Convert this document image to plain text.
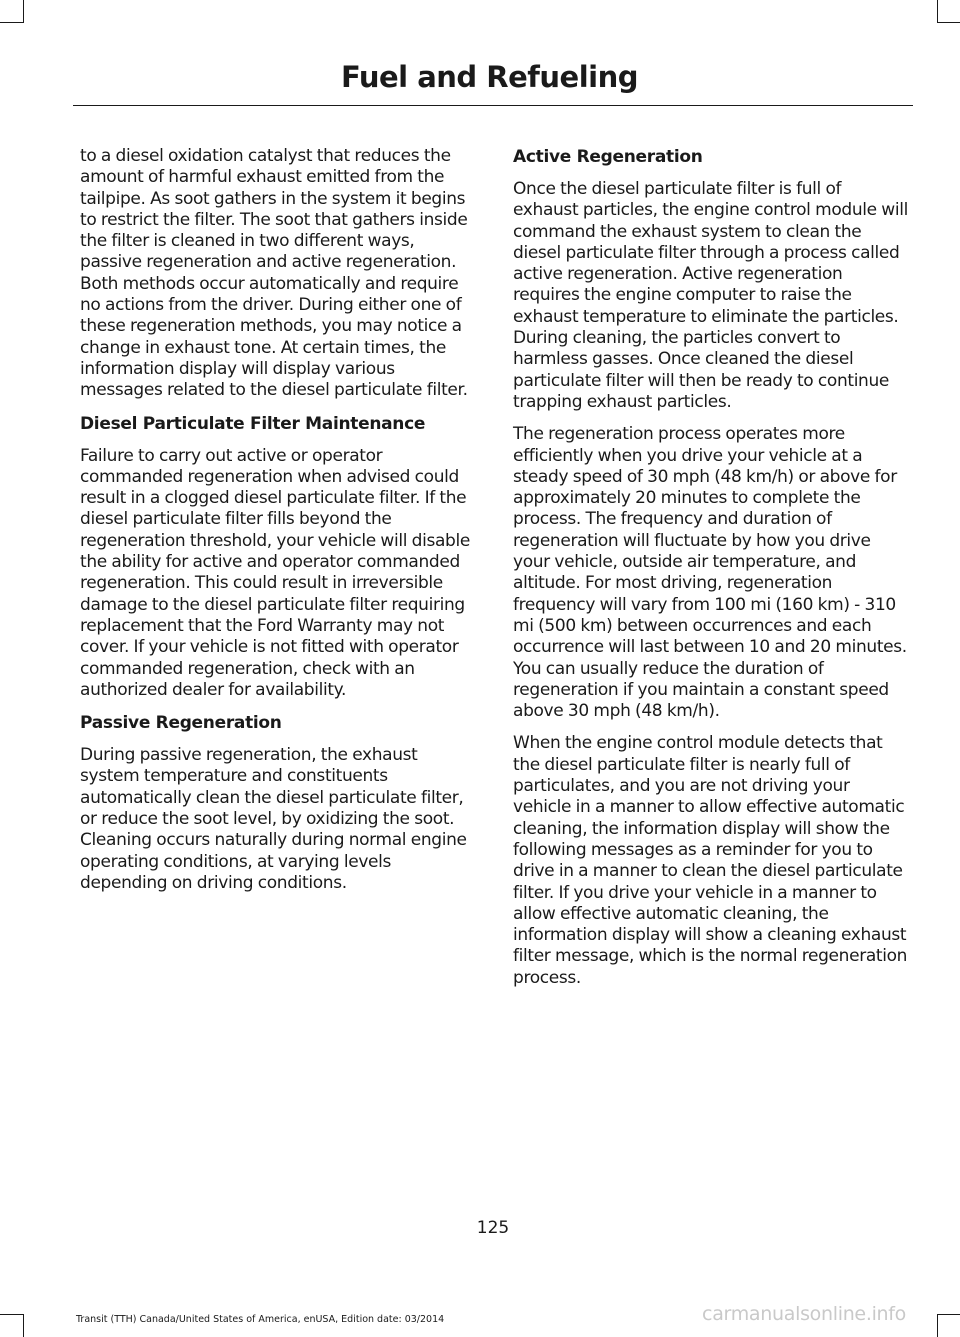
Fuel and Refueling

to a diesel oxidation catalyst that reduces the amount of harmful exhaust emitted from the tailpipe. As soot gathers in the system it begins to restrict the filter. The soot that gathers inside the filter is cleaned in two different ways, passive regeneration and active regeneration. Both methods occur automatically and require no actions from the driver. During either one of these regeneration methods, you may notice a change in exhaust tone. At certain times, the information display will display various messages related to the diesel particulate filter.

Diesel Particulate Filter Maintenance

Failure to carry out active or operator commanded regeneration when advised could result in a clogged diesel particulate filter. If the diesel particulate filter fills beyond the regeneration threshold, your vehicle will disable the ability for active and operator commanded regeneration. This could result in irreversible damage to the diesel particulate filter requiring replacement that the Ford Warranty may not cover. If your vehicle is not fitted with operator commanded regeneration, check with an authorized dealer for availability.

Passive Regeneration

During passive regeneration, the exhaust system temperature and constituents automatically clean the diesel particulate filter, or reduce the soot level, by oxidizing the soot. Cleaning occurs naturally during normal engine operating conditions, at varying levels depending on driving conditions.

Active Regeneration

Once the diesel particulate filter is full of exhaust particles, the engine control module will command the exhaust system to clean the diesel particulate filter through a process called active regeneration. Active regeneration requires the engine computer to raise the exhaust temperature to eliminate the particles. During cleaning, the particles convert to harmless gasses. Once cleaned the diesel particulate filter will then be ready to continue trapping exhaust particles.

The regeneration process operates more efficiently when you drive your vehicle at a steady speed of 30 mph (48 km/h) or above for approximately 20 minutes to complete the process. The frequency and duration of regeneration will fluctuate by how you drive your vehicle, outside air temperature, and altitude. For most driving, regeneration frequency will vary from 100 mi (160 km) - 310 mi (500 km) between occurrences and each occurrence will last between 10 and 20 minutes. You can usually reduce the duration of regeneration if you maintain a constant speed above 30 mph (48 km/h).

When the engine control module detects that the diesel particulate filter is nearly full of particulates, and you are not driving your vehicle in a manner to allow effective automatic cleaning, the information display will show the following messages as a reminder for you to drive in a manner to clean the diesel particulate filter. If you drive your vehicle in a manner to allow effective automatic cleaning, the information display will show a cleaning exhaust filter message, which is the normal regeneration process.

125

Transit (TTH) Canada/United States of America, enUSA, Edition date: 03/2014	carmanualsonline.info
